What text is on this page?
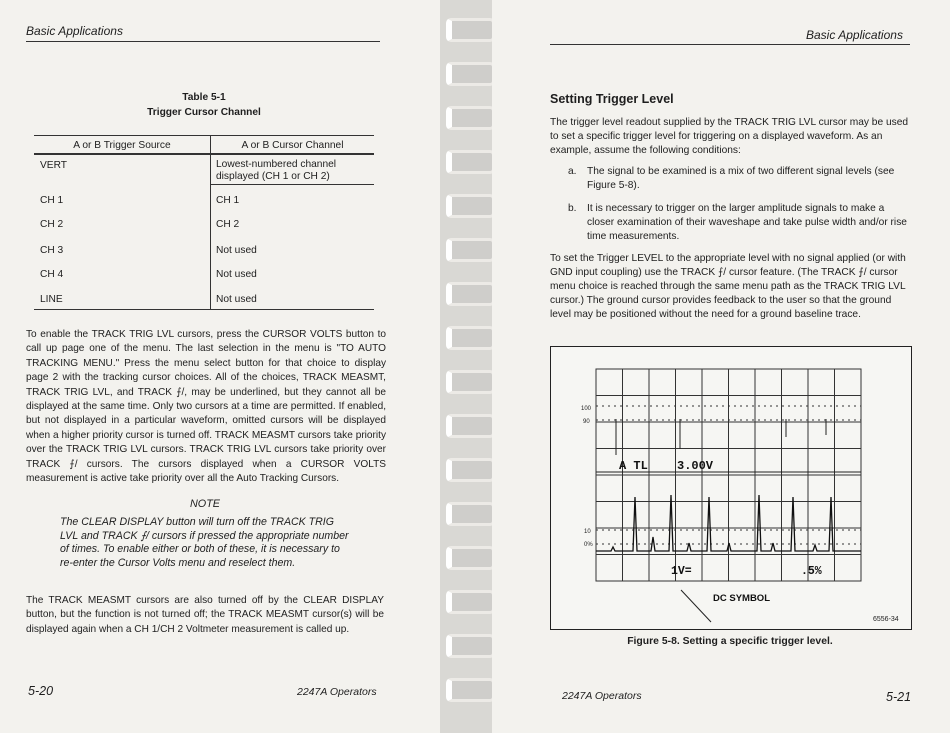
Basic Applications
Table 5-1
Trigger Cursor Channel
A or B Trigger Source	A or B Cursor Channel
VERT	Lowest-numbered channel displayed (CH 1 or CH 2)
CH 1	CH 1
CH 2	CH 2
CH 3	Not used
CH 4	Not used
LINE	Not used
To enable the TRACK TRIG LVL cursors, press the CURSOR VOLTS button to call up page one of the menu. The last selection in the menu is "TO AUTO TRACKING MENU." Press the menu select button for that choice to display page 2 with the tracking cursor choices. All of the choices, TRACK MEASMT, TRACK TRIG LVL, and TRACK ⨍/, may be underlined, but they cannot all be displayed at the same time. Only two cursors at a time are permitted. If enabled, but not displayed in a particular waveform, omitted cursors will be displayed when a higher priority cursor is turned off. TRACK MEASMT cursors take priority over the TRACK TRIG LVL cursors. TRACK TRIG LVL cursors take priority over TRACK ⨍/ cursors. The cursors displayed when a CURSOR VOLTS measurement is active take priority over all the Auto Tracking Cursors.
NOTE
The CLEAR DISPLAY button will turn off the TRACK TRIG LVL and TRACK ⨍/ cursors if pressed the appropriate number of times. To enable either or both of these, it is necessary to re-enter the Cursor Volts menu and reselect them.
The TRACK MEASMT cursors are also turned off by the CLEAR DISPLAY button, but the function is not turned off; the TRACK MEASMT cursor(s) will be displayed again when a CH 1/CH 2 Voltmeter measurement is called up.
5-20	2247A Operators
Basic Applications
Setting Trigger Level
The trigger level readout supplied by the TRACK TRIG LVL cursor may be used to set a specific trigger level for triggering on a displayed waveform. As an example, assume the following conditions:
a. The signal to be examined is a mix of two different signal levels (see Figure 5-8).
b. It is necessary to trigger on the larger amplitude signals to make a closer examination of their waveshape and take pulse width and/or rise time measurements.
To set the Trigger LEVEL to the appropriate level with no signal applied (or with GND input coupling) use the TRACK ⨍/ cursor feature. (The TRACK ⨍/ cursor menu choice is reached through the same menu path as the TRACK TRIG LVL cursor.) The ground cursor provides feedback to the user so that the ground level may be positioned without the need for a ground baseline trace.
Figure 5-8. Setting a specific trigger level.
2247A Operators	5-21
A TL 3.00V
1V=	.5%
100
90
10
0%
DC SYMBOL
6556-34
